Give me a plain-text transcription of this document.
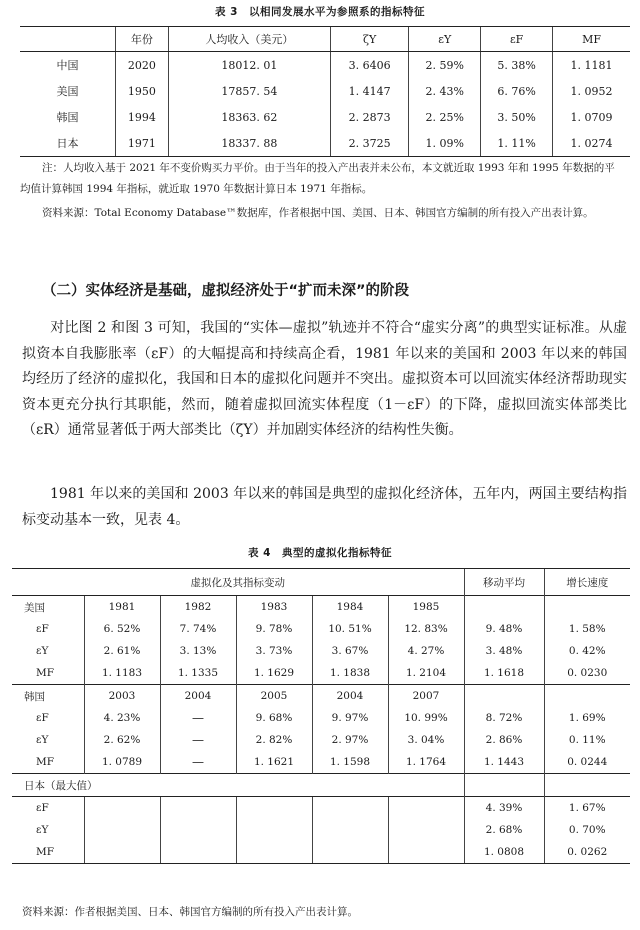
表 3　以相同发展水平为参照系的指标特征
	年份	人均收入（美元）	ζY	εY	εF	MF
中国	2020	18012. 01	3. 6406	2. 59%	5. 38%	1. 1181
美国	1950	17857. 54	1. 4147	2. 43%	6. 76%	1. 0952
韩国	1994	18363. 62	2. 2873	2. 25%	3. 50%	1. 0709
日本	1971	18337. 88	2. 3725	1. 09%	1. 11%	1. 0274
注：人均收入基于 2021 年不变价购买力平价。由于当年的投入产出表并未公布，本文就近取 1993 年和 1995 年数据的平均值计算韩国 1994 年指标，就近取 1970 年数据计算日本 1971 年指标。
资料来源：Total Economy Database™数据库，作者根据中国、美国、日本、韩国官方编制的所有投入产出表计算。
（二）实体经济是基础，虚拟经济处于“扩而未深”的阶段
对比图 2 和图 3 可知，我国的“实体—虚拟”轨迹并不符合“虚实分离”的典型实证标准。从虚拟资本自我膨胀率（εF）的大幅提高和持续高企看，1981 年以来的美国和 2003 年以来的韩国均经历了经济的虚拟化，我国和日本的虚拟化问题并不突出。虚拟资本可以回流实体经济帮助现实资本更充分执行其职能，然而，随着虚拟回流实体程度（1－εF）的下降，虚拟回流实体部类比（εR）通常显著低于两大部类比（ζY）并加剧实体经济的结构性失衡。
1981 年以来的美国和 2003 年以来的韩国是典型的虚拟化经济体，五年内，两国主要结构指标变动基本一致，见表 4。
表 4　典型的虚拟化指标特征
虚拟化及其指标变动						移动平均	增长速度
美国	1981	1982	1983	1984	1985		
εF	6. 52%	7. 74%	9. 78%	10. 51%	12. 83%	9. 48%	1. 58%
εY	2. 61%	3. 13%	3. 73%	3. 67%	4. 27%	3. 48%	0. 42%
MF	1. 1183	1. 1335	1. 1629	1. 1838	1. 2104	1. 1618	0. 0230
韩国	2003	2004	2005	2004	2007		
εF	4. 23%	—	9. 68%	9. 97%	10. 99%	8. 72%	1. 69%
εY	2. 62%	—	2. 82%	2. 97%	3. 04%	2. 86%	0. 11%
MF	1. 0789	—	1. 1621	1. 1598	1. 1764	1. 1443	0. 0244
日本（最大值）							
εF						4. 39%	1. 67%
εY						2. 68%	0. 70%
MF						1. 0808	0. 0262
资料来源：作者根据美国、日本、韩国官方编制的所有投入产出表计算。
